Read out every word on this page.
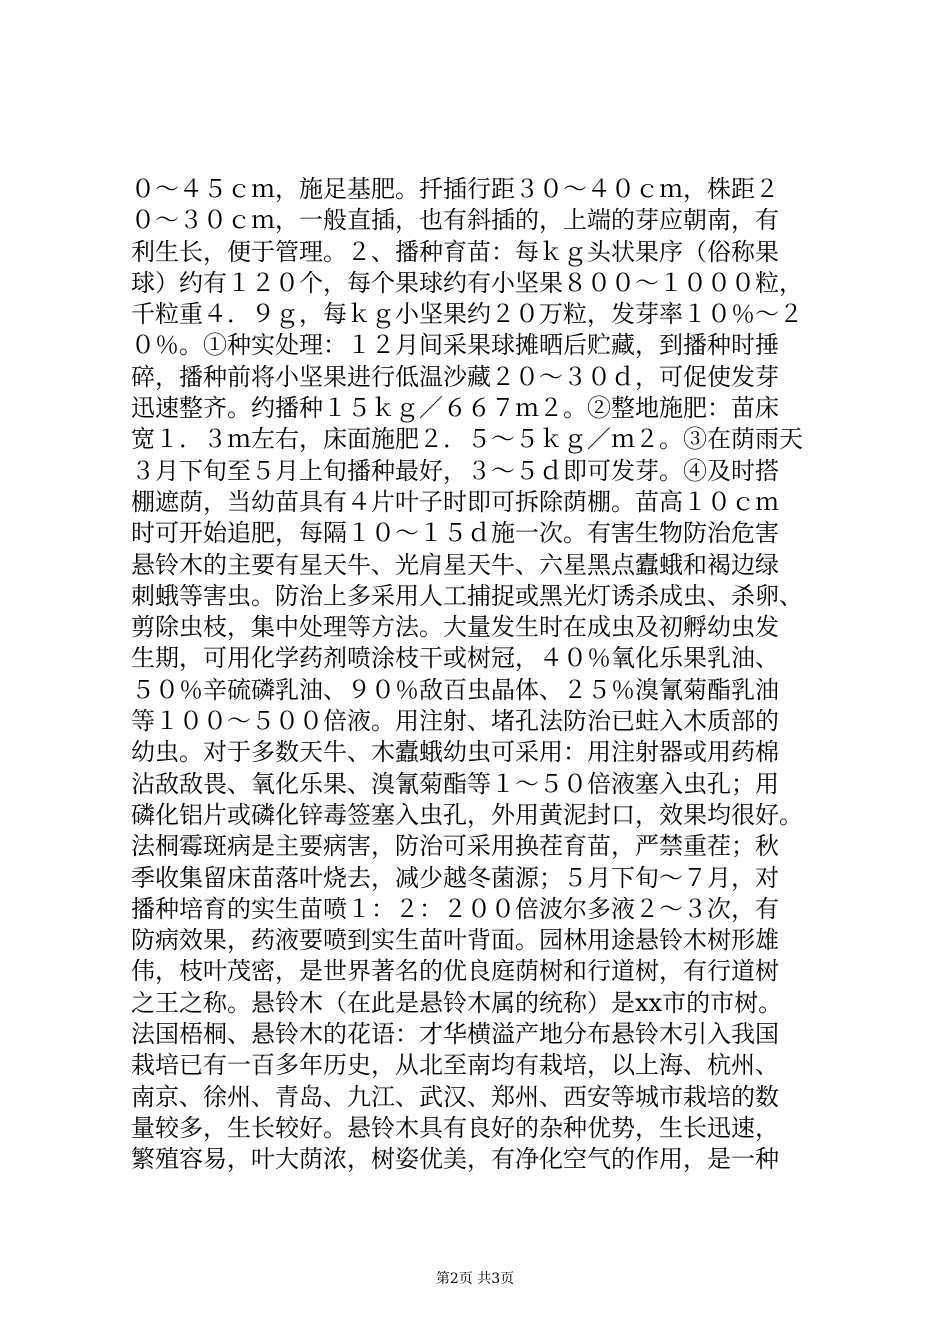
０～４５ｃｍ，施足基肥。扦插行距３０～４０ｃｍ，株距２
０～３０ｃｍ，一般直插，也有斜插的，上端的芽应朝南，有
利生长，便于管理。２、播种育苗：每ｋｇ头状果序（俗称果
球）约有１２０个，每个果球约有小坚果８００～１０００粒，
千粒重４．９ｇ，每ｋｇ小坚果约２０万粒，发芽率１０％～２
０％。①种实处理：１２月间采果球摊晒后贮藏，到播种时捶
碎，播种前将小坚果进行低温沙藏２０～３０ｄ，可促使发芽
迅速整齐。约播种１５ｋｇ／６６７ｍ２。②整地施肥：苗床
宽１．３ｍ左右，床面施肥２．５～５ｋｇ／ｍ２。③在荫雨天
３月下旬至５月上旬播种最好，３～５ｄ即可发芽。④及时搭
棚遮荫，当幼苗具有４片叶子时即可拆除荫棚。苗高１０ｃｍ
时可开始追肥，每隔１０～１５ｄ施一次。有害生物防治危害
悬铃木的主要有星天牛、光肩星天牛、六星黑点蠹蛾和褐边绿
刺蛾等害虫。防治上多采用人工捕捉或黑光灯诱杀成虫、杀卵、
剪除虫枝，集中处理等方法。大量发生时在成虫及初孵幼虫发
生期，可用化学药剂喷涂枝干或树冠，４０％氧化乐果乳油、
５０％辛硫磷乳油、９０％敌百虫晶体、２５％溴氰菊酯乳油
等１００～５００倍液。用注射、堵孔法防治已蛀入木质部的
幼虫。对于多数天牛、木蠹蛾幼虫可采用：用注射器或用药棉
沾敌敌畏、氧化乐果、溴氰菊酯等１～５０倍液塞入虫孔；用
磷化铝片或磷化锌毒签塞入虫孔，外用黄泥封口，效果均很好。
法桐霉斑病是主要病害，防治可采用换茬育苗，严禁重茬；秋
季收集留床苗落叶烧去，减少越冬菌源；５月下旬～７月，对
播种培育的实生苗喷１：２：２００倍波尔多液２～３次，有
防病效果，药液要喷到实生苗叶背面。园林用途悬铃木树形雄
伟，枝叶茂密，是世界著名的优良庭荫树和行道树，有行道树
之王之称。悬铃木（在此是悬铃木属的统称）是xx市的市树。
法国梧桐、悬铃木的花语：才华横溢产地分布悬铃木引入我国
栽培已有一百多年历史，从北至南均有栽培，以上海、杭州、
南京、徐州、青岛、九江、武汉、郑州、西安等城市栽培的数
量较多，生长较好。悬铃木具有良好的杂种优势，生长迅速，
繁殖容易，叶大荫浓，树姿优美，有净化空气的作用，是一种
第2页 共3页
